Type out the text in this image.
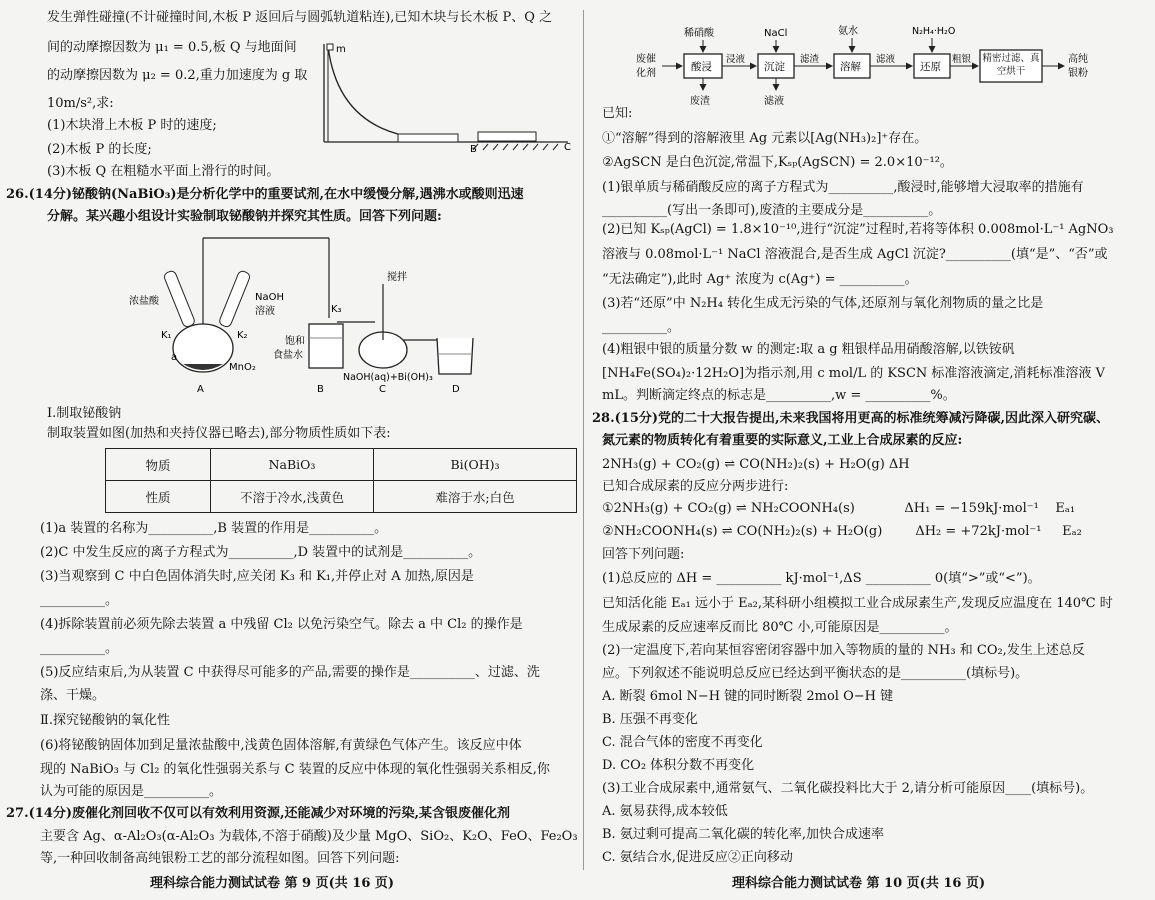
发生弹性碰撞(不计碰撞时间,木板 P 返回后与圆弧轨道粘连),已知木块与长木板 P、Q 之
间的动摩擦因数为 μ₁ = 0.5,板 Q 与地面间
的动摩擦因数为 μ₂ = 0.2,重力加速度为 g 取
10m/s²,求:
(1)木块滑上木板 P 时的速度;
(2)木板 P 的长度;
(3)木板 Q 在粗糙水平面上滑行的时间。
m
B	C
26.(14分)铋酸钠(NaBiO₃)是分析化学中的重要试剂,在水中缓慢分解,遇沸水或酸则迅速
分解。某兴趣小组设计实验制取铋酸钠并探究其性质。回答下列问题:
浓盐酸	NaOH
溶液
K₁	K₂
a
MnO₂
A
饱和
食盐水
B
K₃
搅拌
NaOH(aq)+Bi(OH)₃
C	D
Ⅰ.制取铋酸钠
制取装置如图(加热和夹持仪器已略去),部分物质性质如下表:
物质	NaBiO₃	Bi(OH)₃
性质	不溶于冷水,浅黄色	难溶于水;白色
(1)a 装置的名称为__________,B 装置的作用是__________。
(2)C 中发生反应的离子方程式为__________,D 装置中的试剂是__________。
(3)当观察到 C 中白色固体消失时,应关闭 K₃ 和 K₁,并停止对 A 加热,原因是
__________。
(4)拆除装置前必须先除去装置 a 中残留 Cl₂ 以免污染空气。除去 a 中 Cl₂ 的操作是
__________。
(5)反应结束后,为从装置 C 中获得尽可能多的产品,需要的操作是__________、过滤、洗
涤、干燥。
Ⅱ.探究铋酸钠的氧化性
(6)将铋酸钠固体加到足量浓盐酸中,浅黄色固体溶解,有黄绿色气体产生。该反应中体
现的 NaBiO₃ 与 Cl₂ 的氧化性强弱关系与 C 装置的反应中体现的氧化性强弱关系相反,你
认为可能的原因是__________。
27.(14分)废催化剂回收不仅可以有效利用资源,还能减少对环境的污染,某含银废催化剂
主要含 Ag、α-Al₂O₃(α-Al₂O₃ 为载体,不溶于硝酸)及少量 MgO、SiO₂、K₂O、FeO、Fe₂O₃
等,一种回收制备高纯银粉工艺的部分流程如图。回答下列问题:
理科综合能力测试试卷 第 9 页(共 16 页)
废催
化剂
酸浸
稀硝酸
废渣
浸液
沉淀
NaCl
滤液
滤渣
溶解
氨水
滤液
还原
N₂H₄·H₂O
粗银 精密过滤、真空烘干
高纯
银粉
已知:
①“溶解”得到的溶解液里 Ag 元素以[Ag(NH₃)₂]⁺存在。
②AgSCN 是白色沉淀,常温下,Kₛₚ(AgSCN) = 2.0×10⁻¹²。
(1)银单质与稀硝酸反应的离子方程式为__________,酸浸时,能够增大浸取率的措施有
__________(写出一条即可),废渣的主要成分是__________。
(2)已知 Kₛₚ(AgCl) = 1.8×10⁻¹⁰,进行“沉淀”过程时,若将等体积 0.008mol·L⁻¹ AgNO₃
溶液与 0.08mol·L⁻¹ NaCl 溶液混合,是否生成 AgCl 沉淀?__________(填“是”、“否”或
“无法确定”),此时 Ag⁺ 浓度为 c(Ag⁺) = __________。
(3)若“还原”中 N₂H₄ 转化生成无污染的气体,还原剂与氧化剂物质的量之比是
__________。
(4)粗银中银的质量分数 w 的测定:取 a g 粗银样品用硝酸溶解,以铁铵矾
[NH₄Fe(SO₄)₂·12H₂O]为指示剂,用 c mol/L 的 KSCN 标准溶液滴定,消耗标准溶液 V
mL。判断滴定终点的标志是__________,w = __________%。
28.(15分)党的二十大报告提出,未来我国将用更高的标准统筹减污降碳,因此深入研究碳、
氮元素的物质转化有着重要的实际意义,工业上合成尿素的反应:
2NH₃(g) + CO₂(g) ⇌ CO(NH₂)₂(s) + H₂O(g) ΔH
已知合成尿素的反应分两步进行:
①2NH₃(g) + CO₂(g) ⇌ NH₂COONH₄(s)            ΔH₁ = −159kJ·mol⁻¹    Eₐ₁
②NH₂COONH₄(s) ⇌ CO(NH₂)₂(s) + H₂O(g)        ΔH₂ = +72kJ·mol⁻¹     Eₐ₂
回答下列问题:
(1)总反应的 ΔH = __________ kJ·mol⁻¹,ΔS __________ 0(填“>”或“<”)。
已知活化能 Eₐ₁ 远小于 Eₐ₂,某科研小组模拟工业合成尿素生产,发现反应温度在 140℃ 时
生成尿素的反应速率反而比 80℃ 小,可能原因是__________。
(2)一定温度下,若向某恒容密闭容器中加入等物质的量的 NH₃ 和 CO₂,发生上述总反
应。下列叙述不能说明总反应已经达到平衡状态的是__________(填标号)。
A. 断裂 6mol N−H 键的同时断裂 2mol O−H 键
B. 压强不再变化
C. 混合气体的密度不再变化
D. CO₂ 体积分数不再变化
(3)工业合成尿素中,通常氨气、二氧化碳投料比大于 2,请分析可能原因____(填标号)。
A. 氨易获得,成本较低
B. 氨过剩可提高二氧化碳的转化率,加快合成速率
C. 氨结合水,促进反应②正向移动
理科综合能力测试试卷 第 10 页(共 16 页)
